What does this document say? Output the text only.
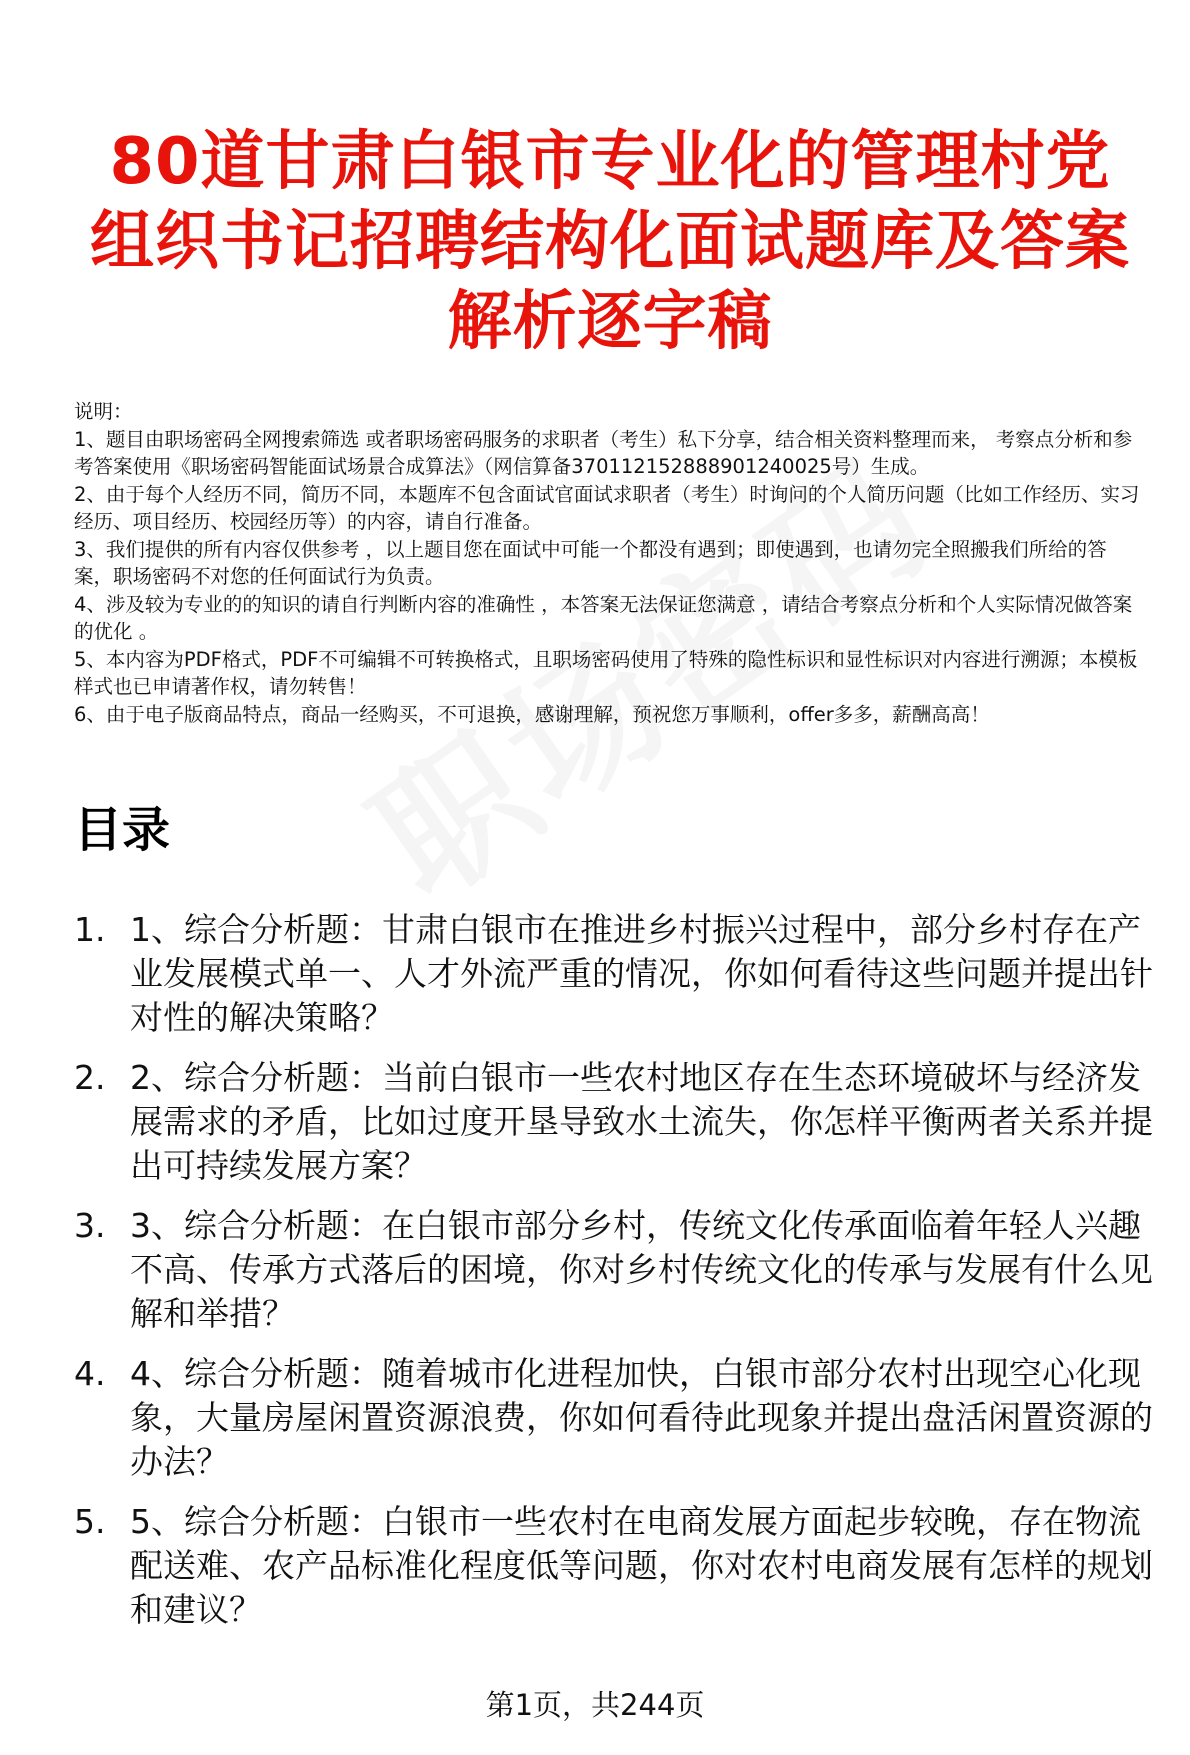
80道甘肃白银市专业化的管理村党组织书记招聘结构化面试题库及答案解析逐字稿

说明：

1、题目由职场密码全网搜索筛选 或者职场密码服务的求职者（考生）私下分享，结合相关资料整理而来， 考察点分析和参考答案使用《职场密码智能面试场景合成算法》（网信算备370112152888901240025号）生成。

2、由于每个人经历不同，简历不同，本题库不包含面试官面试求职者（考生）时询问的个人简历问题（比如工作经历、实习经历、项目经历、校园经历等）的内容，请自行准备。

3、我们提供的所有内容仅供参考 ，以上题目您在面试中可能一个都没有遇到；即使遇到，也请勿完全照搬我们所给的答案，职场密码不对您的任何面试行为负责。

4、涉及较为专业的的知识的请自行判断内容的准确性 ，本答案无法保证您满意 ，请结合考察点分析和个人实际情况做答案的优化 。

5、本内容为PDF格式，PDF不可编辑不可转换格式，且职场密码使用了特殊的隐性标识和显性标识对内容进行溯源；本模板样式也已申请著作权，请勿转售！

6、由于电子版商品特点，商品一经购买，不可退换，感谢理解，预祝您万事顺利，offer多多，薪酬高高！

目录
1. 1、综合分析题：甘肃白银市在推进乡村振兴过程中，部分乡村存在产业发展模式单一、人才外流严重的情况，你如何看待这些问题并提出针对性的解决策略？
2. 2、综合分析题：当前白银市一些农村地区存在生态环境破坏与经济发展需求的矛盾，比如过度开垦导致水土流失，你怎样平衡两者关系并提出可持续发展方案？
3. 3、综合分析题：在白银市部分乡村，传统文化传承面临着年轻人兴趣不高、传承方式落后的困境，你对乡村传统文化的传承与发展有什么见解和举措？
4. 4、综合分析题：随着城市化进程加快，白银市部分农村出现空心化现象，大量房屋闲置资源浪费，你如何看待此现象并提出盘活闲置资源的办法？
5. 5、综合分析题：白银市一些农村在电商发展方面起步较晚，存在物流配送难、农产品标准化程度低等问题，你对农村电商发展有怎样的规划和建议？
第1页，共244页
